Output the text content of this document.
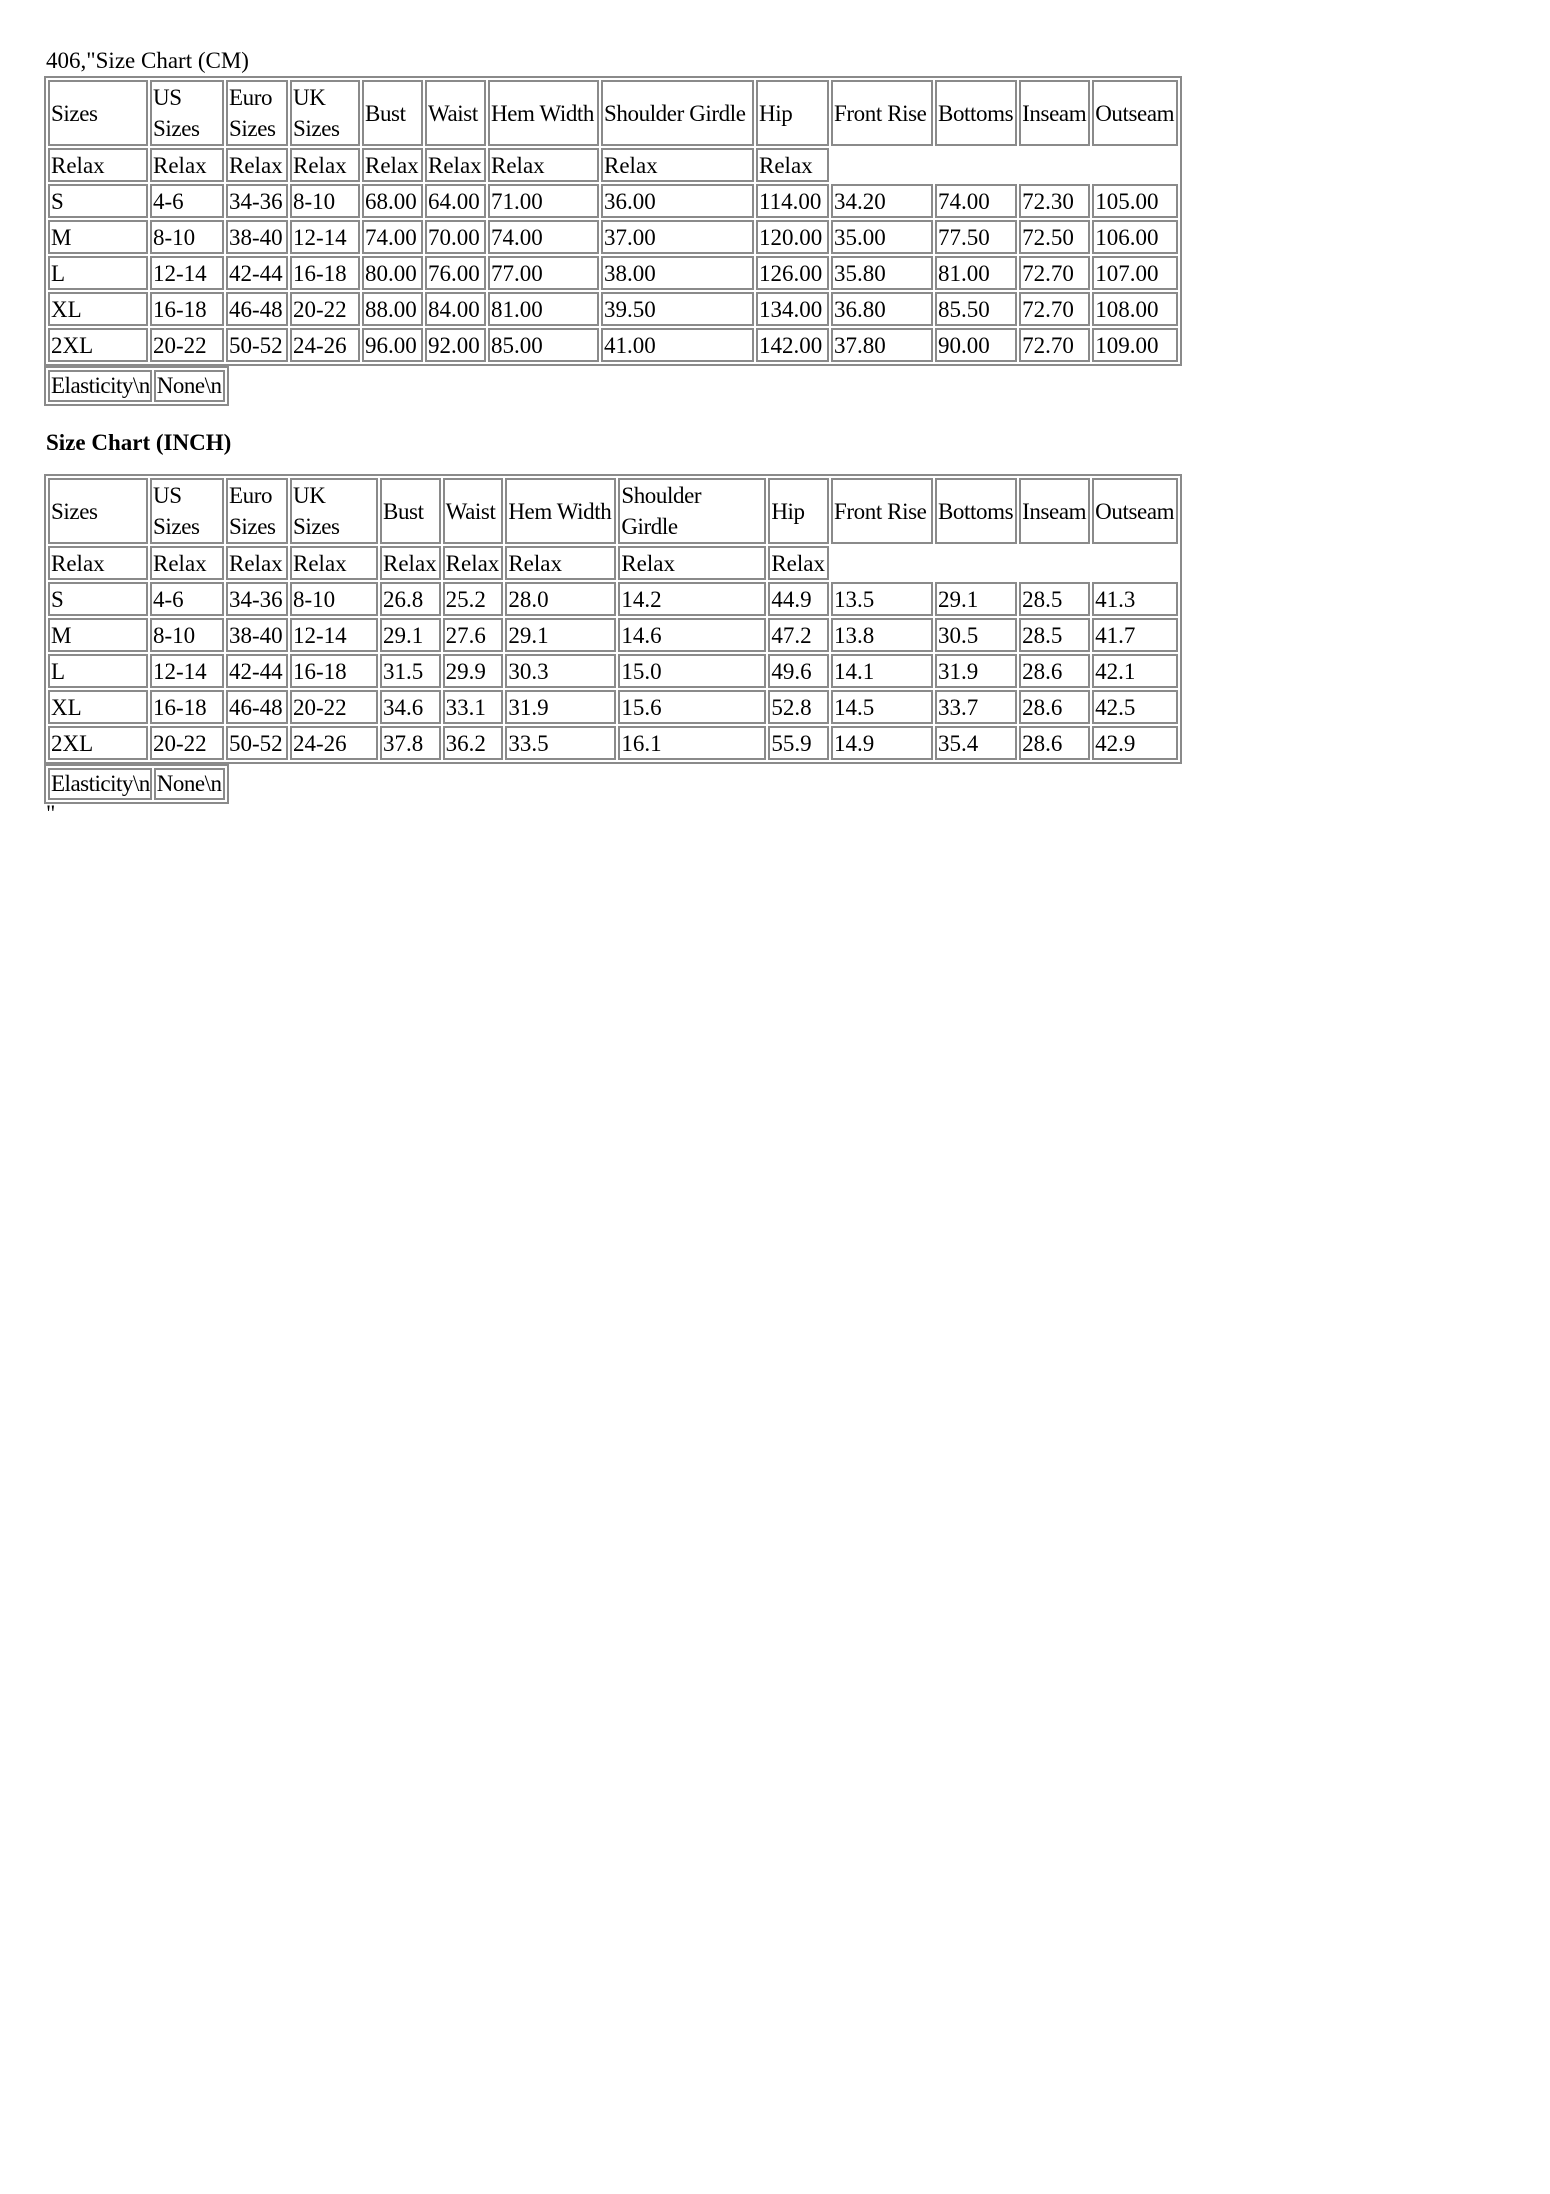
406,"Size Chart (CM)
Sizes	US Sizes	Euro Sizes	UK Sizes	Bust	Waist	Hem Width	Shoulder Girdle	Hip	Front Rise	Bottoms	Inseam	Outseam
Relax	Relax	Relax	Relax	Relax	Relax	Relax	Relax	Relax				
S	4-6	34-36	8-10	68.00	64.00	71.00	36.00	114.00	34.20	74.00	72.30	105.00
M	8-10	38-40	12-14	74.00	70.00	74.00	37.00	120.00	35.00	77.50	72.50	106.00
L	12-14	42-44	16-18	80.00	76.00	77.00	38.00	126.00	35.80	81.00	72.70	107.00
XL	16-18	46-48	20-22	88.00	84.00	81.00	39.50	134.00	36.80	85.50	72.70	108.00
2XL	20-22	50-52	24-26	96.00	92.00	85.00	41.00	142.00	37.80	90.00	72.70	109.00
Elasticity\n	None\n
Size Chart (INCH)
Sizes	US Sizes	Euro Sizes	UK Sizes	Bust	Waist	Hem Width	Shoulder Girdle	Hip	Front Rise	Bottoms	Inseam	Outseam
Relax	Relax	Relax	Relax	Relax	Relax	Relax	Relax	Relax				
S	4-6	34-36	8-10	26.8	25.2	28.0	14.2	44.9	13.5	29.1	28.5	41.3
M	8-10	38-40	12-14	29.1	27.6	29.1	14.6	47.2	13.8	30.5	28.5	41.7
L	12-14	42-44	16-18	31.5	29.9	30.3	15.0	49.6	14.1	31.9	28.6	42.1
XL	16-18	46-48	20-22	34.6	33.1	31.9	15.6	52.8	14.5	33.7	28.6	42.5
2XL	20-22	50-52	24-26	37.8	36.2	33.5	16.1	55.9	14.9	35.4	28.6	42.9
Elasticity\n	None\n
"
